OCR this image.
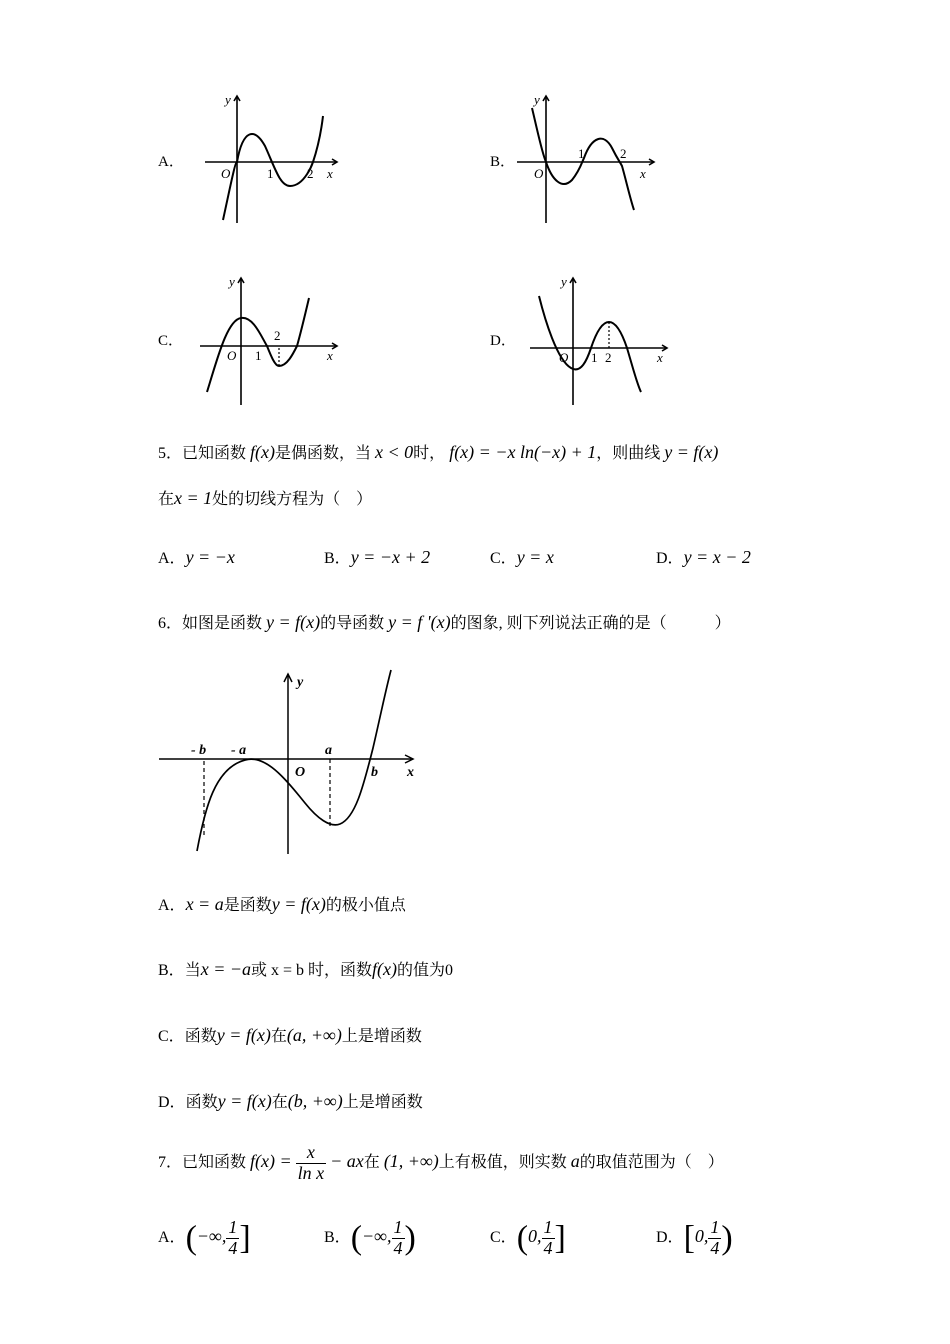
A．
O	1	2 x
y
B．
O
1	2
x
y
C．
O 1
2
x
y
D．
O 1 2	x
y
5．已知函数 f(x)是偶函数，当 x < 0时， f(x) = −x ln(−x) + 1，则曲线 y = f(x)
在x = 1处的切线方程为（　）
A．y = −x	B．y = −x + 2	C．y = x	D．y = x − 2
6．如图是函数 y = f(x)的导函数 y = f '(x)的图象, 则下列说法正确的是（　　　）
- b - a
O
a
b x
y
A．x = a是函数y = f(x)的极小值点
B．当x = −a或 x = b 时，函数f(x)的值为0
C．函数y = f(x)在(a, +∞)上是增函数
D．函数y = f(x)在(b, +∞)上是增函数
7．已知函数 $f(x) = \frac{x}{\text{ln x}}$ − ax在 (1, +∞)上有极值，则实数 a的取值范围为（　）
A．(−∞, $\frac{1}{4}$ ]	B．(−∞, $\frac{1}{4}$ )	C．(0, $\frac{1}{4}$ ]	D．[0, $\frac{1}{4}$ )
